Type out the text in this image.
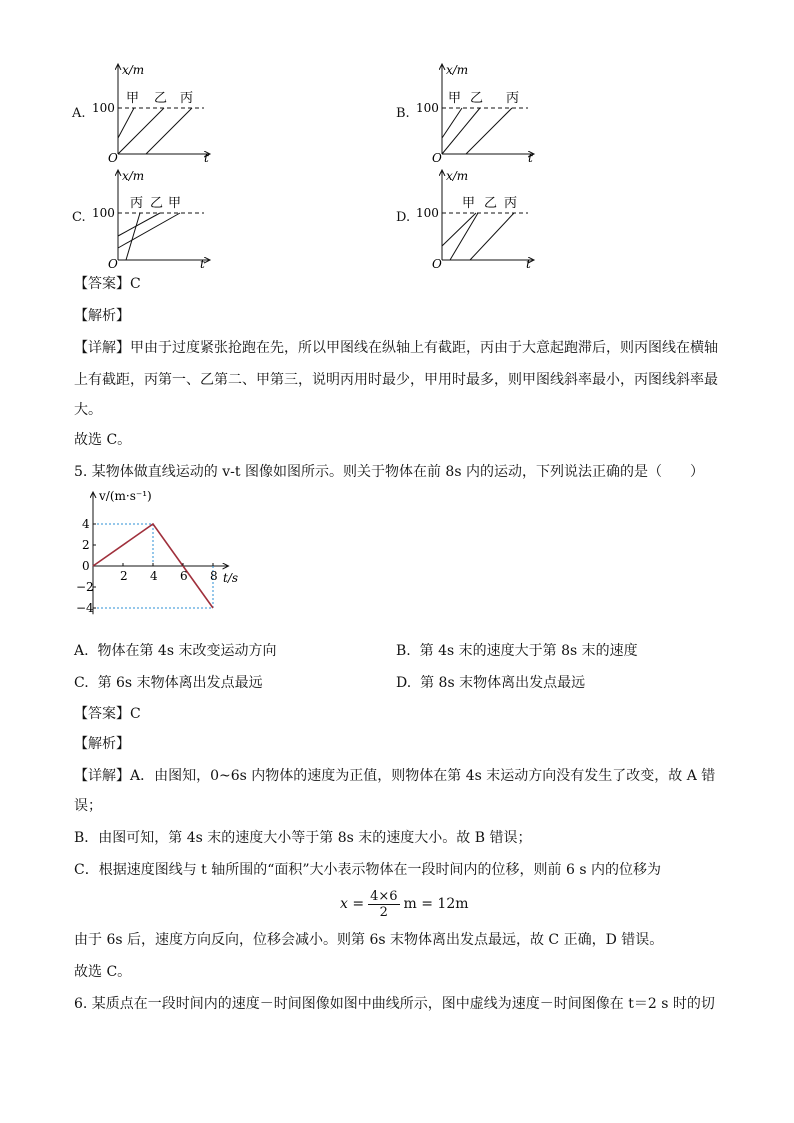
A.
x/m
100
t
O
甲 乙 丙
B.
x/m
100
t
O
甲 乙 丙
C.
x/m
100
t
O
丙 乙 甲
D.
x/m
100
t
O
甲 乙 丙
【答案】C
【解析】
【详解】甲由于过度紧张抢跑在先，所以甲图线在纵轴上有截距，丙由于大意起跑滞后，则丙图线在横轴
上有截距，丙第一、乙第二、甲第三，说明丙用时最少，甲用时最多，则甲图线斜率最小，丙图线斜率最
大。
故选 C。
5. 某物体做直线运动的 v-t 图像如图所示。则关于物体在前 8s 内的运动，下列说法正确的是（　　）
2 4 6 8
4
2
0
−2
−4
v/(m·s⁻¹)
t/s
A. 物体在第 4s 末改变运动方向	B. 第 4s 末的速度大于第 8s 末的速度
C. 第 6s 末物体离出发点最远	D. 第 8s 末物体离出发点最远
【答案】C
【解析】
【详解】A．由图知，0~6s 内物体的速度为正值，则物体在第 4s 末运动方向没有发生了改变，故 A 错
误；
B．由图可知，第 4s 末的速度大小等于第 8s 末的速度大小。故 B 错误；
C．根据速度图线与 t 轴所围的“面积”大小表示物体在一段时间内的位移，则前 6 s 内的位移为
$x = \frac{4\times 6}{2}$ m = 12m
由于 6s 后，速度方向反向，位移会减小。则第 6s 末物体离出发点最远，故 C 正确，D 错误。
故选 C。
6. 某质点在一段时间内的速度－时间图像如图中曲线所示，图中虚线为速度－时间图像在 t＝2 s 时的切
